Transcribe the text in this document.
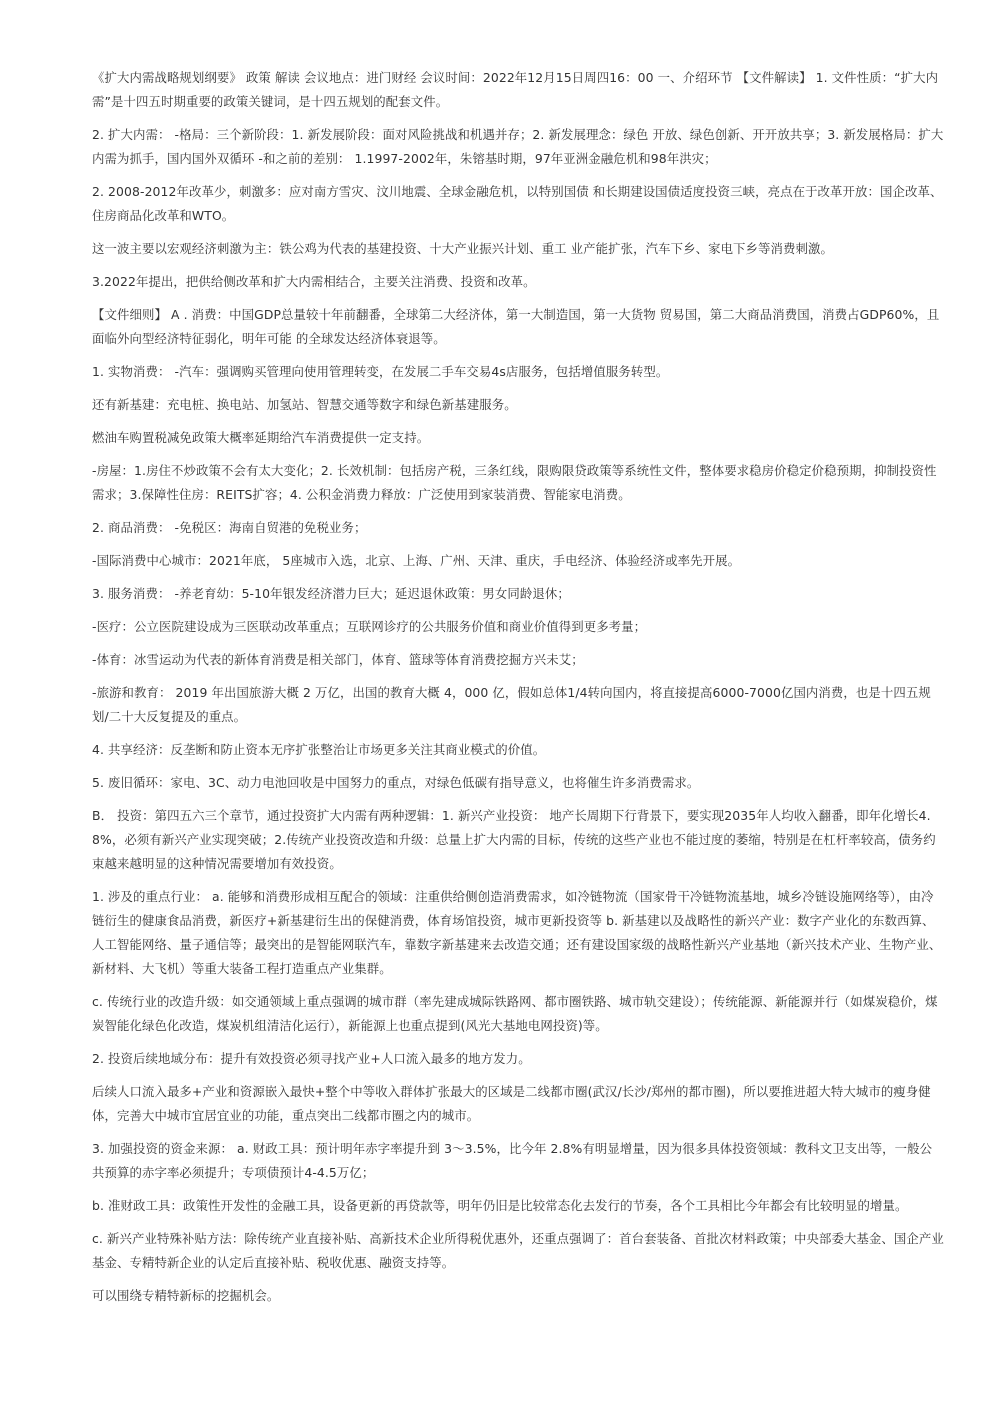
《扩大内需战略规划纲要》 政策 解读 会议地点：进门财经 会议时间：2022年12月15日周四16：00 一、介绍环节 【文件解读】 1. 文件性质：“扩大内需”是十四五时期重要的政策关键词，是十四五规划的配套文件。

2. 扩大内需： -格局：三个新阶段：1. 新发展阶段：面对风险挑战和机遇并存；2. 新发展理念：绿色 开放、绿色创新、开开放共享；3. 新发展格局：扩大内需为抓手，国内国外双循环 -和之前的差别： 1.1997-2002年，朱镕基时期，97年亚洲金融危机和98年洪灾；

2. 2008-2012年改革少，刺激多：应对南方雪灾、汶川地震、全球金融危机，以特别国债 和长期建设国债适度投资三峡，亮点在于改革开放：国企改革、住房商品化改革和WTO。

这一波主要以宏观经济刺激为主：铁公鸡为代表的基建投资、十大产业振兴计划、重工 业产能扩张，汽车下乡、家电下乡等消费刺激。

3.2022年提出，把供给侧改革和扩大内需相结合，主要关注消费、投资和改革。

【文件细则】 A . 消费：中国GDP总量较十年前翻番，全球第二大经济体，第一大制造国，第一大货物 贸易国，第二大商品消费国，消费占GDP60%，且面临外向型经济特征弱化，明年可能 的全球发达经济体衰退等。

1. 实物消费： -汽车：强调购买管理向使用管理转变，在发展二手车交易4s店服务，包括增值服务转型。

还有新基建：充电桩、换电站、加氢站、智慧交通等数字和绿色新基建服务。

燃油车购置税减免政策大概率延期给汽车消费提供一定支持。

-房屋：1.房住不炒政策不会有太大变化；2. 长效机制：包括房产税，三条红线，限购限贷政策等系统性文件，整体要求稳房价稳定价稳预期，抑制投资性需求；3.保障性住房：REITS扩容；4. 公积金消费力释放：广泛使用到家装消费、智能家电消费。

2. 商品消费： -免税区：海南自贸港的免税业务；

-国际消费中心城市：2021年底， 5座城市入选，北京、上海、广州、天津、重庆，手电经济、体验经济或率先开展。

3. 服务消费： -养老育幼：5-10年银发经济潜力巨大；延迟退休政策：男女同龄退休；

-医疗：公立医院建设成为三医联动改革重点；互联网诊疗的公共服务价值和商业价值得到更多考量；

-体育：冰雪运动为代表的新体育消费是相关部门，体育、篮球等体育消费挖掘方兴未艾；

-旅游和教育： 2019 年出国旅游大概 2 万亿，出国的教育大概 4，000 亿，假如总体1/4转向国内，将直接提高6000-7000亿国内消费，也是十四五规划/二十大反复提及的重点。

4. 共享经济：反垄断和防止资本无序扩张整治让市场更多关注其商业模式的价值。

5. 废旧循环：家电、3C、动力电池回收是中国努力的重点，对绿色低碳有指导意义，也将催生许多消费需求。

B． 投资：第四五六三个章节，通过投资扩大内需有两种逻辑：1. 新兴产业投资： 地产长周期下行背景下，要实现2035年人均收入翻番，即年化增长4.8%，必须有新兴产业实现突破；2.传统产业投资改造和升级：总量上扩大内需的目标，传统的这些产业也不能过度的萎缩，特别是在杠杆率较高，债务约束越来越明显的这种情况需要增加有效投资。

1. 涉及的重点行业： a. 能够和消费形成相互配合的领域：注重供给侧创造消费需求，如冷链物流（国家骨干冷链物流基地，城乡冷链设施网络等），由冷链衍生的健康食品消费，新医疗+新基建衍生出的保健消费，体育场馆投资，城市更新投资等 b. 新基建以及战略性的新兴产业：数字产业化的东数西算、人工智能网络、量子通信等；最突出的是智能网联汽车，靠数字新基建来去改造交通；还有建设国家级的战略性新兴产业基地（新兴技术产业、生物产业、新材料、大飞机）等重大装备工程打造重点产业集群。

c. 传统行业的改造升级：如交通领域上重点强调的城市群（率先建成城际铁路网、都市圈铁路、城市轨交建设）；传统能源、新能源并行（如煤炭稳价，煤炭智能化绿色化改造，煤炭机组清洁化运行），新能源上也重点提到(风光大基地电网投资)等。

2. 投资后续地域分布：提升有效投资必须寻找产业+人口流入最多的地方发力。

后续人口流入最多+产业和资源嵌入最快+整个中等收入群体扩张最大的区域是二线都市圈(武汉/长沙/郑州的都市圈)，所以要推进超大特大城市的瘦身健体，完善大中城市宜居宜业的功能，重点突出二线都市圈之内的城市。

3. 加强投资的资金来源： a. 财政工具：预计明年赤字率提升到 3～3.5%，比今年 2.8%有明显增量，因为很多具体投资领域：教科文卫支出等，一般公共预算的赤字率必须提升；专项债预计4-4.5万亿；

b. 准财政工具：政策性开发性的金融工具，设备更新的再贷款等，明年仍旧是比较常态化去发行的节奏，各个工具相比今年都会有比较明显的增量。

c. 新兴产业特殊补贴方法：除传统产业直接补贴、高新技术企业所得税优惠外，还重点强调了：首台套装备、首批次材料政策；中央部委大基金、国企产业基金、专精特新企业的认定后直接补贴、税收优惠、融资支持等。

可以围绕专精特新标的挖掘机会。
